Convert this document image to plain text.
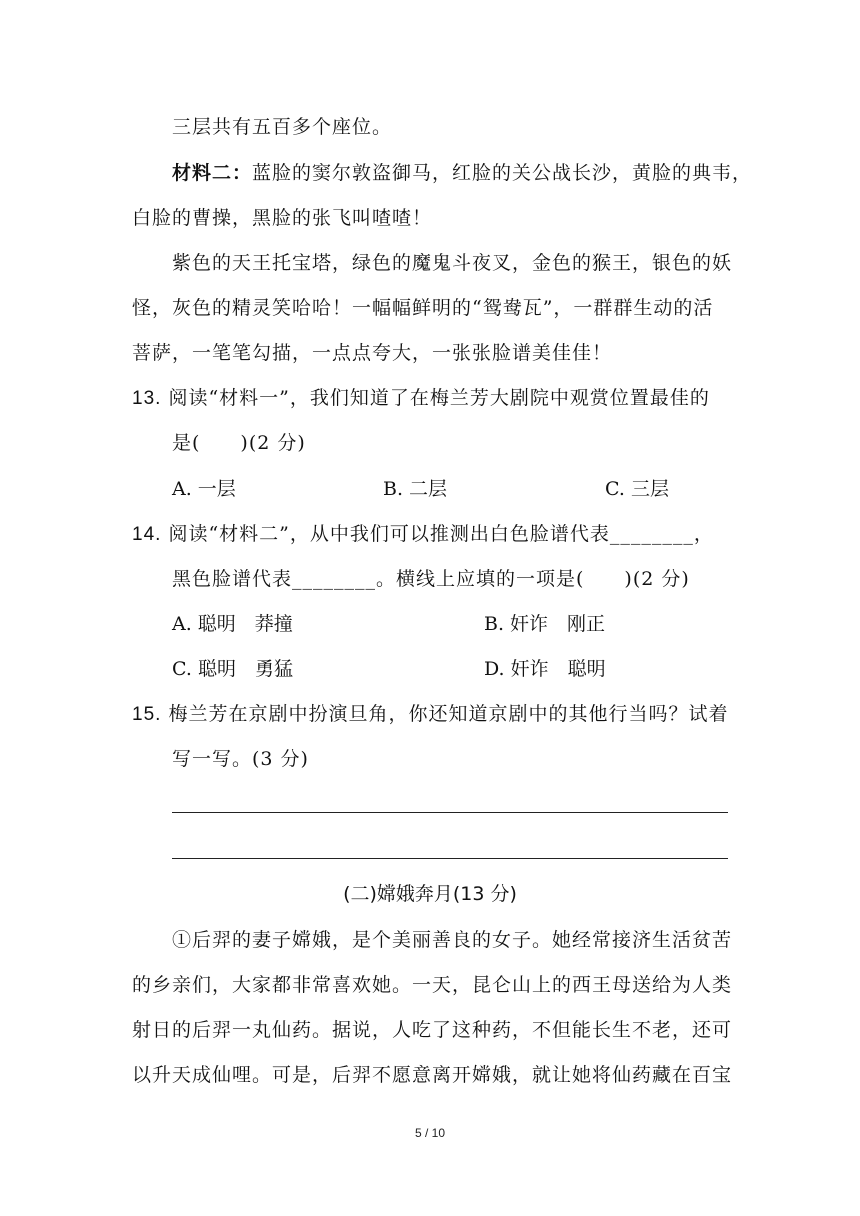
三层共有五百多个座位。
材料二：蓝脸的窦尔敦盗御马，红脸的关公战长沙，黄脸的典韦，
白脸的曹操，黑脸的张飞叫喳喳！
紫色的天王托宝塔，绿色的魔鬼斗夜叉，金色的猴王，银色的妖
怪，灰色的精灵笑哈哈！一幅幅鲜明的“鸳鸯瓦”，一群群生动的活
菩萨，一笔笔勾描，一点点夸大，一张张脸谱美佳佳！
13. 阅读“材料一”，我们知道了在梅兰芳大剧院中观赏位置最佳的
是(　　)(2 分)
A. 一层	B. 二层	C. 三层
14. 阅读“材料二”，从中我们可以推测出白色脸谱代表________，
黑色脸谱代表________。横线上应填的一项是(　　)(2 分)
A. 聪明　莽撞	B. 奸诈　刚正
C. 聪明　勇猛	D. 奸诈　聪明
15. 梅兰芳在京剧中扮演旦角，你还知道京剧中的其他行当吗？试着
写一写。(3 分)
(二)嫦娥奔月(13 分)
①后羿的妻子嫦娥，是个美丽善良的女子。她经常接济生活贫苦
的乡亲们，大家都非常喜欢她。一天，昆仑山上的西王母送给为人类
射日的后羿一丸仙药。据说，人吃了这种药，不但能长生不老，还可
以升天成仙哩。可是，后羿不愿意离开嫦娥，就让她将仙药藏在百宝
5 / 10
